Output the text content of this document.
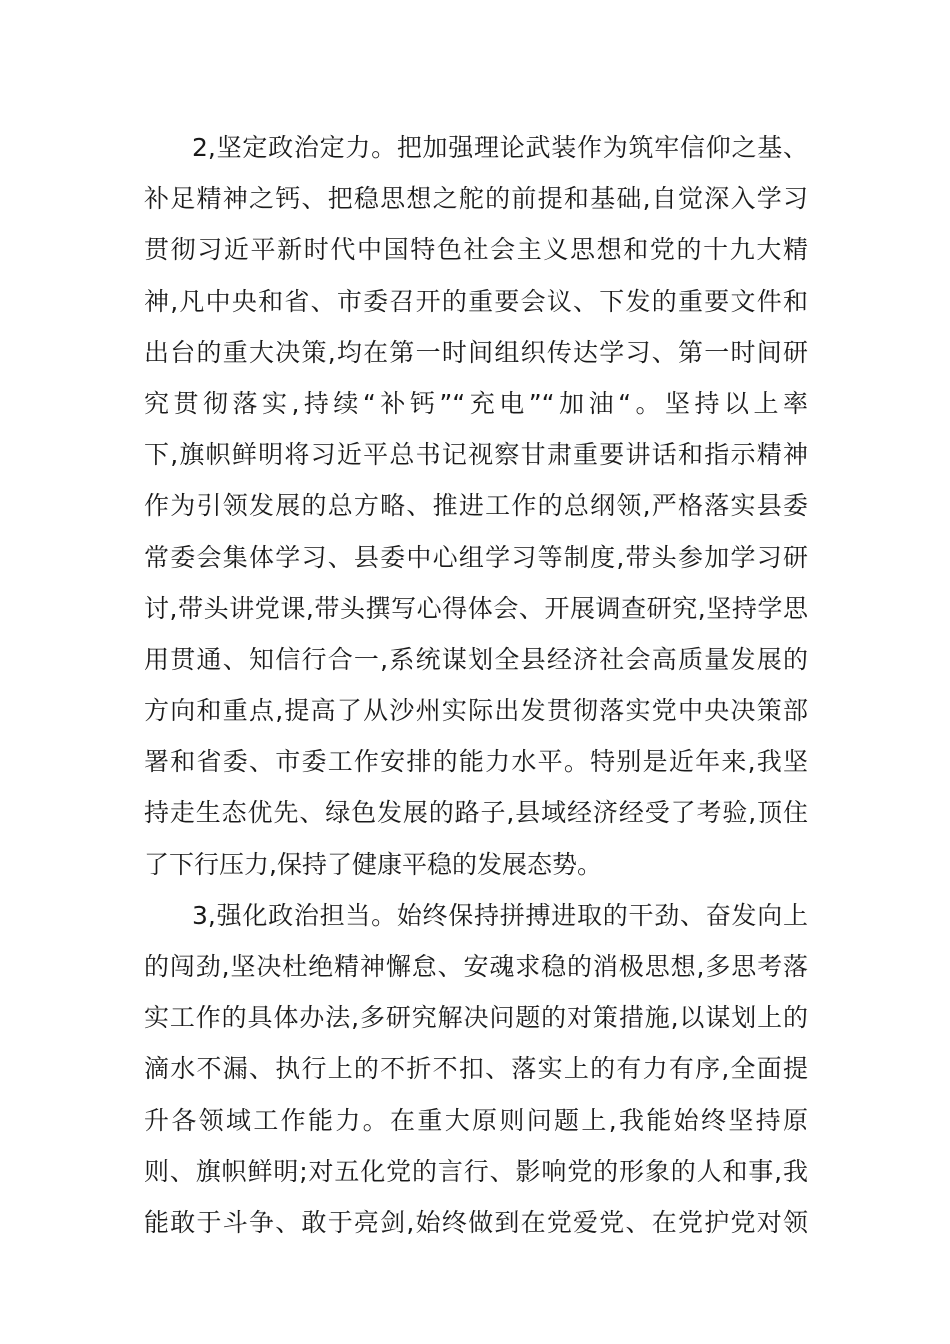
2,坚定政治定力。把加强理论武装作为筑牢信仰之基、
补足精神之钙、把稳思想之舵的前提和基础,自觉深入学习
贯彻习近平新时代中国特色社会主义思想和党的十九大精
神,凡中央和省、市委召开的重要会议、下发的重要文件和
出台的重大决策,均在第一时间组织传达学习、第一时间研
究贯彻落实,持续“补钙”“充电”“加油“。坚持以上率
下,旗帜鲜明将习近平总书记视察甘肃重要讲话和指示精神
作为引领发展的总方略、推进工作的总纲领,严格落实县委
常委会集体学习、县委中心组学习等制度,带头参加学习研
讨,带头讲党课,带头撰写心得体会、开展调查研究,坚持学思
用贯通、知信行合一,系统谋划全县经济社会高质量发展的
方向和重点,提高了从沙州实际出发贯彻落实党中央决策部
署和省委、市委工作安排的能力水平。特别是近年来,我坚
持走生态优先、绿色发展的路子,县域经济经受了考验,顶住
了下行压力,保持了健康平稳的发展态势。
3,强化政治担当。始终保持拼搏进取的干劲、奋发向上
的闯劲,坚决杜绝精神懈怠、安魂求稳的消极思想,多思考落
实工作的具体办法,多研究解决问题的对策措施,以谋划上的
滴水不漏、执行上的不折不扣、落实上的有力有序,全面提
升各领域工作能力。在重大原则问题上,我能始终坚持原
则、旗帜鲜明;对五化党的言行、影响党的形象的人和事,我
能敢于斗争、敢于亮剑,始终做到在党爱党、在党护党对领
